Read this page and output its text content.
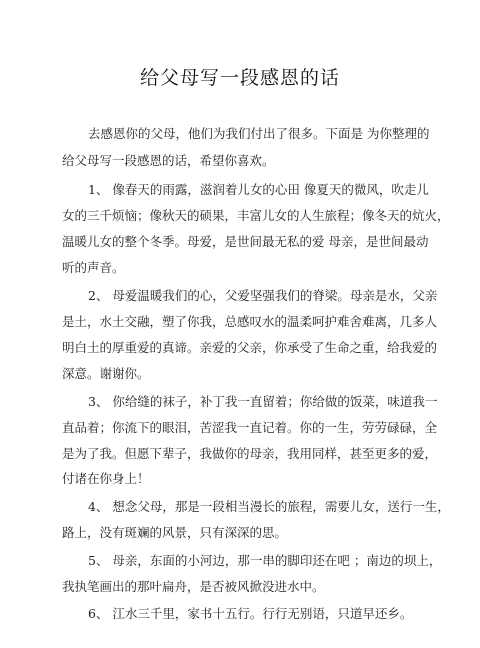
给父母写一段感恩的话
去感恩你的父母，他们为我们付出了很多。下面是 为你整理的
给父母写一段感恩的话，希望你喜欢。
1、 像春天的雨露，滋润着儿女的心田 像夏天的微风，吹走儿
女的三千烦恼；像秋天的硕果，丰富儿女的人生旅程；像冬天的炕火，
温暖儿女的整个冬季。母爱，是世间最无私的爱 母亲，是世间最动
听的声音。
2、 母爱温暖我们的心，父爱坚强我们的脊梁。母亲是水，父亲
是土，水土交融，塑了你我，总感叹水的温柔呵护难舍难离，几多人
明白土的厚重爱的真谛。亲爱的父亲，你承受了生命之重，给我爱的
深意。谢谢你。
3、 你给缝的袜子，补丁我一直留着；你给做的饭菜，味道我一
直品着；你流下的眼泪，苦涩我一直记着。你的一生，劳劳碌碌，全
是为了我。但愿下辈子，我做你的母亲，我用同样，甚至更多的爱，
付诸在你身上！
4、 想念父母，那是一段相当漫长的旅程，需要儿女，送行一生，
路上，没有斑斓的风景，只有深深的思。
5、 母亲，东面的小河边，那一串的脚印还在吧 ；南边的坝上，
我执笔画出的那叶扁舟，是否被风掀没进水中。
6、 江水三千里，家书十五行。行行无别语，只道早还乡。
